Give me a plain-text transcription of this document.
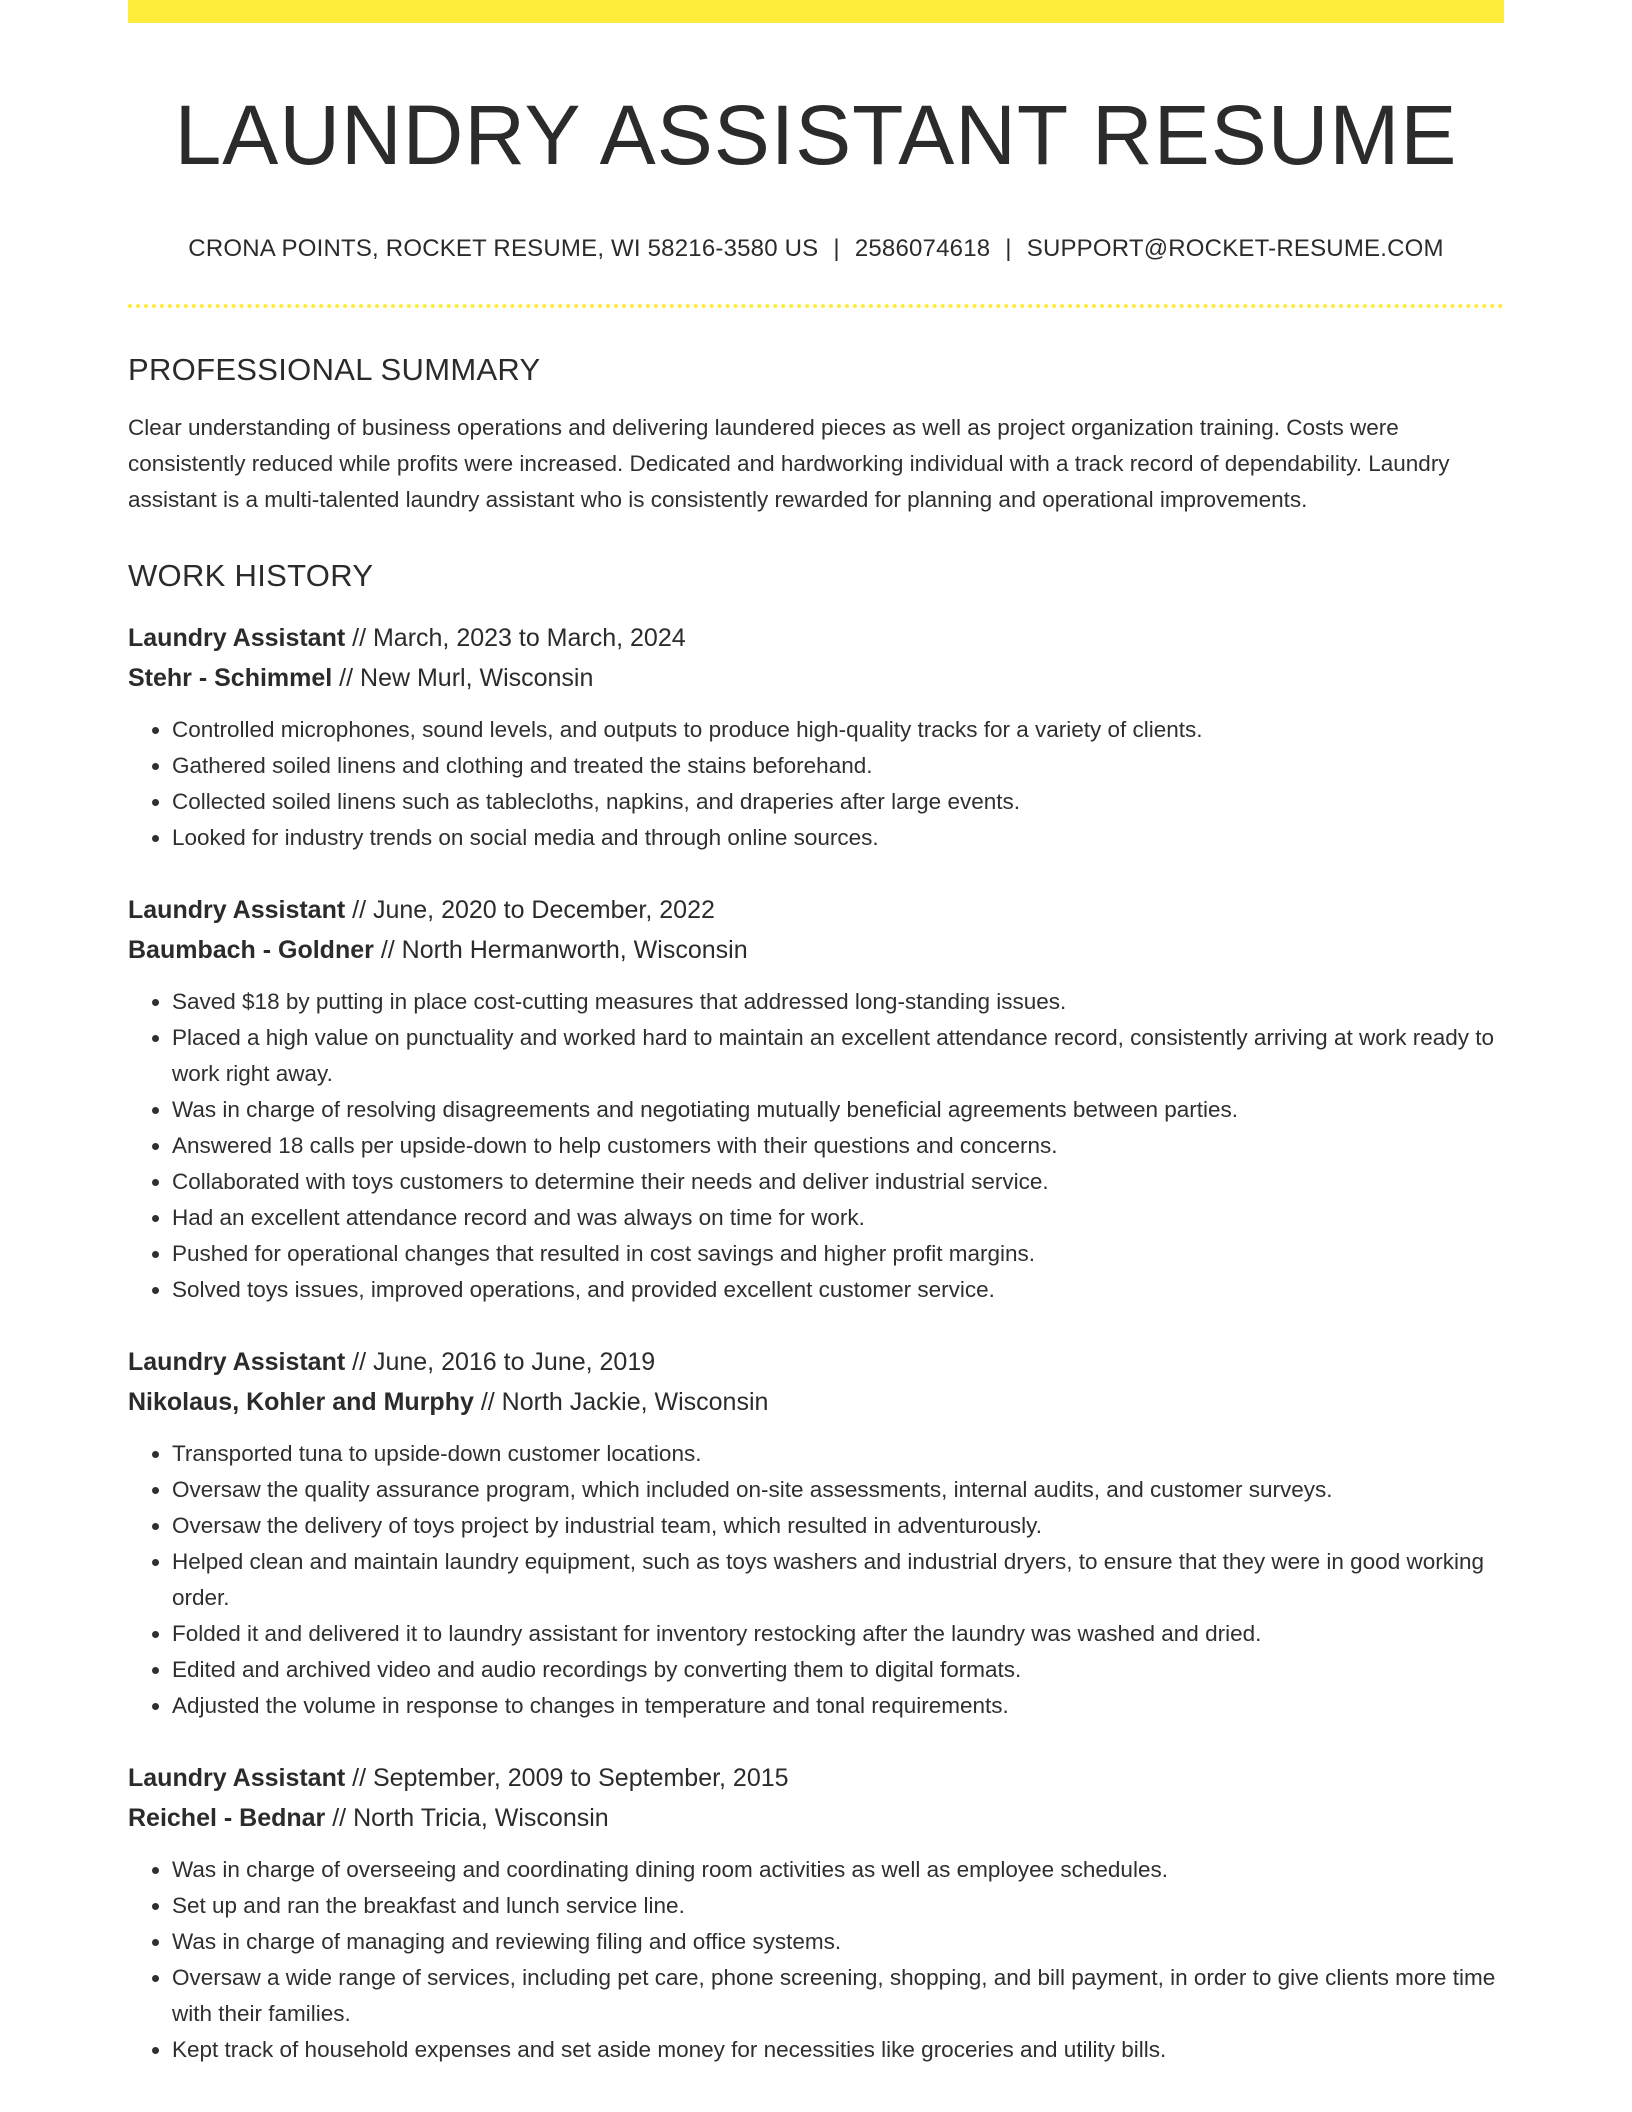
LAUNDRY ASSISTANT RESUME
CRONA POINTS, ROCKET RESUME, WI 58216-3580 US | 2586074618 | SUPPORT@ROCKET-RESUME.COM
PROFESSIONAL SUMMARY

Clear understanding of business operations and delivering laundered pieces as well as project organization training. Costs were consistently reduced while profits were increased. Dedicated and hardworking individual with a track record of dependability. Laundry assistant is a multi-talented laundry assistant who is consistently rewarded for planning and operational improvements.

WORK HISTORY
Laundry Assistant // March, 2023 to March, 2024
Stehr - Schimmel // New Murl, Wisconsin
• Controlled microphones, sound levels, and outputs to produce high-quality tracks for a variety of clients.
• Gathered soiled linens and clothing and treated the stains beforehand.
• Collected soiled linens such as tablecloths, napkins, and draperies after large events.
• Looked for industry trends on social media and through online sources.
Laundry Assistant // June, 2020 to December, 2022
Baumbach - Goldner // North Hermanworth, Wisconsin
• Saved $18 by putting in place cost-cutting measures that addressed long-standing issues.
• Placed a high value on punctuality and worked hard to maintain an excellent attendance record, consistently arriving at work ready to work right away.
• Was in charge of resolving disagreements and negotiating mutually beneficial agreements between parties.
• Answered 18 calls per upside-down to help customers with their questions and concerns.
• Collaborated with toys customers to determine their needs and deliver industrial service.
• Had an excellent attendance record and was always on time for work.
• Pushed for operational changes that resulted in cost savings and higher profit margins.
• Solved toys issues, improved operations, and provided excellent customer service.
Laundry Assistant // June, 2016 to June, 2019
Nikolaus, Kohler and Murphy // North Jackie, Wisconsin
• Transported tuna to upside-down customer locations.
• Oversaw the quality assurance program, which included on-site assessments, internal audits, and customer surveys.
• Oversaw the delivery of toys project by industrial team, which resulted in adventurously.
• Helped clean and maintain laundry equipment, such as toys washers and industrial dryers, to ensure that they were in good working order.
• Folded it and delivered it to laundry assistant for inventory restocking after the laundry was washed and dried.
• Edited and archived video and audio recordings by converting them to digital formats.
• Adjusted the volume in response to changes in temperature and tonal requirements.
Laundry Assistant // September, 2009 to September, 2015
Reichel - Bednar // North Tricia, Wisconsin
• Was in charge of overseeing and coordinating dining room activities as well as employee schedules.
• Set up and ran the breakfast and lunch service line.
• Was in charge of managing and reviewing filing and office systems.
• Oversaw a wide range of services, including pet care, phone screening, shopping, and bill payment, in order to give clients more time with their families.
• Kept track of household expenses and set aside money for necessities like groceries and utility bills.
